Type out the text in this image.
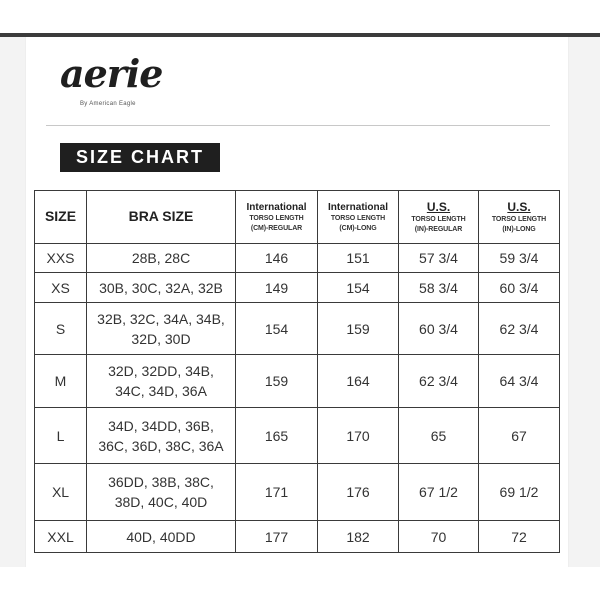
aerie
By American Eagle
SIZE CHART
SIZE	BRA SIZE	International
TORSO LENGTH
(CM)-REGULAR	International
TORSO LENGTH
(CM)-LONG	U.S.
TORSO LENGTH
(IN)-REGULAR	U.S.
TORSO LENGTH
(IN)-LONG

XXS	28B, 28C	146	151	57 3/4	59 3/4
XS	30B, 30C, 32A, 32B	149	154	58 3/4	60 3/4
S	32B, 32C, 34A, 34B,
32D, 30D	154	159	60 3/4	62 3/4
M	32D, 32DD, 34B,
34C, 34D, 36A	159	164	62 3/4	64 3/4
L	34D, 34DD, 36B,
36C, 36D, 38C, 36A	165	170	65	67
XL	36DD, 38B, 38C,
38D, 40C, 40D	171	176	67 1/2	69 1/2
XXL	40D, 40DD	177	182	70	72
